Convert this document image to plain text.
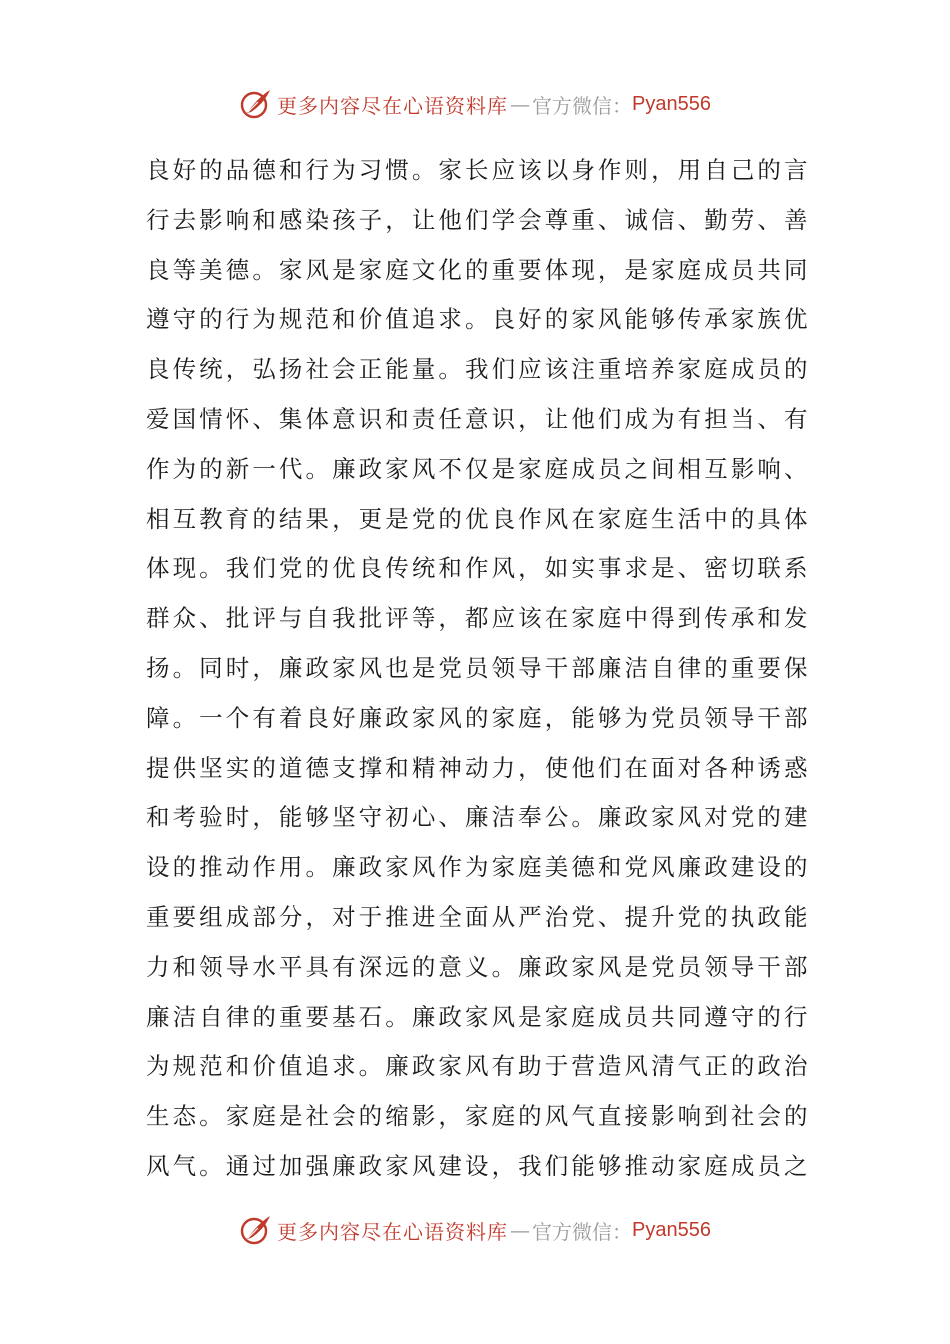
更多内容尽在心语资料库 — 官方微信： Pyan556
良好的品德和行为习惯。家长应该以身作则，用自己的言
行去影响和感染孩子，让他们学会尊重、诚信、勤劳、善
良等美德。家风是家庭文化的重要体现，是家庭成员共同
遵守的行为规范和价值追求。良好的家风能够传承家族优
良传统，弘扬社会正能量。我们应该注重培养家庭成员的
爱国情怀、集体意识和责任意识，让他们成为有担当、有
作为的新一代。廉政家风不仅是家庭成员之间相互影响、
相互教育的结果，更是党的优良作风在家庭生活中的具体
体现。我们党的优良传统和作风，如实事求是、密切联系
群众、批评与自我批评等，都应该在家庭中得到传承和发
扬。同时，廉政家风也是党员领导干部廉洁自律的重要保
障。一个有着良好廉政家风的家庭，能够为党员领导干部
提供坚实的道德支撑和精神动力，使他们在面对各种诱惑
和考验时，能够坚守初心、廉洁奉公。廉政家风对党的建
设的推动作用。廉政家风作为家庭美德和党风廉政建设的
重要组成部分，对于推进全面从严治党、提升党的执政能
力和领导水平具有深远的意义。廉政家风是党员领导干部
廉洁自律的重要基石。廉政家风是家庭成员共同遵守的行
为规范和价值追求。廉政家风有助于营造风清气正的政治
生态。家庭是社会的缩影，家庭的风气直接影响到社会的
风气。通过加强廉政家风建设，我们能够推动家庭成员之
更多内容尽在心语资料库 — 官方微信： Pyan556
